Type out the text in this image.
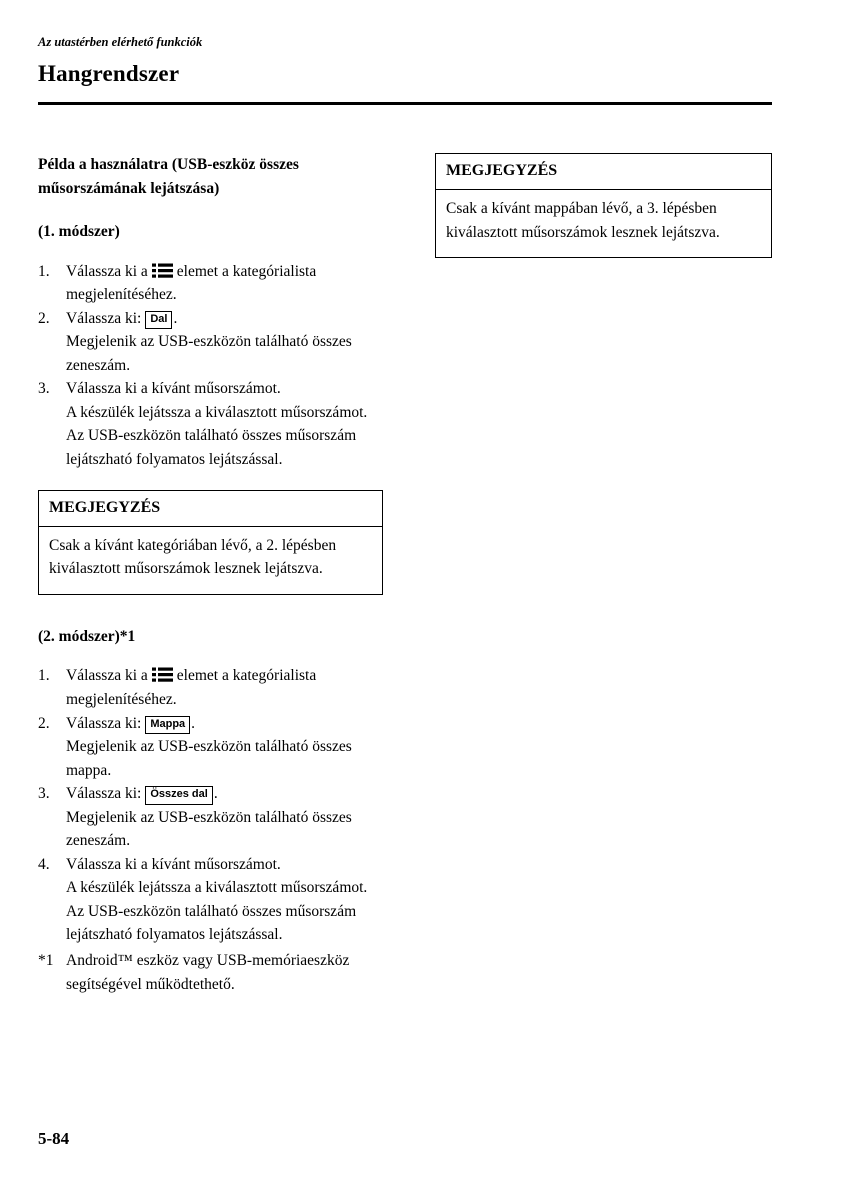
Az utastérben elérhető funkciók
Hangrendszer
Példa a használatra (USB-eszköz összes műsorszámának lejátszása)
(1. módszer)
1.	Válassza ki a elemet a kategórialista megjelenítéséhez.
2.	Válassza ki: Dal .
Megjelenik az USB-eszközön található összes zeneszám.
3.	Válassza ki a kívánt műsorszámot.
A készülék lejátssza a kiválasztott műsorszámot. Az USB-eszközön található összes műsorszám lejátszható folyamatos lejátszással.
MEGJEGYZÉS
Csak a kívánt kategóriában lévő, a 2. lépésben kiválasztott műsorszámok lesznek lejátszva.
(2. módszer)*1
1.	Válassza ki a elemet a kategórialista megjelenítéséhez.
2.	Válassza ki: Mappa .
Megjelenik az USB-eszközön található összes mappa.
3.	Válassza ki: Összes dal .
Megjelenik az USB-eszközön található összes zeneszám.
4.	Válassza ki a kívánt műsorszámot.
A készülék lejátssza a kiválasztott műsorszámot. Az USB-eszközön található összes műsorszám lejátszható folyamatos lejátszással.
*1 Android™ eszköz vagy USB-memóriaeszköz segítségével működtethető.
MEGJEGYZÉS
Csak a kívánt mappában lévő, a 3. lépésben kiválasztott műsorszámok lesznek lejátszva.
5-84
